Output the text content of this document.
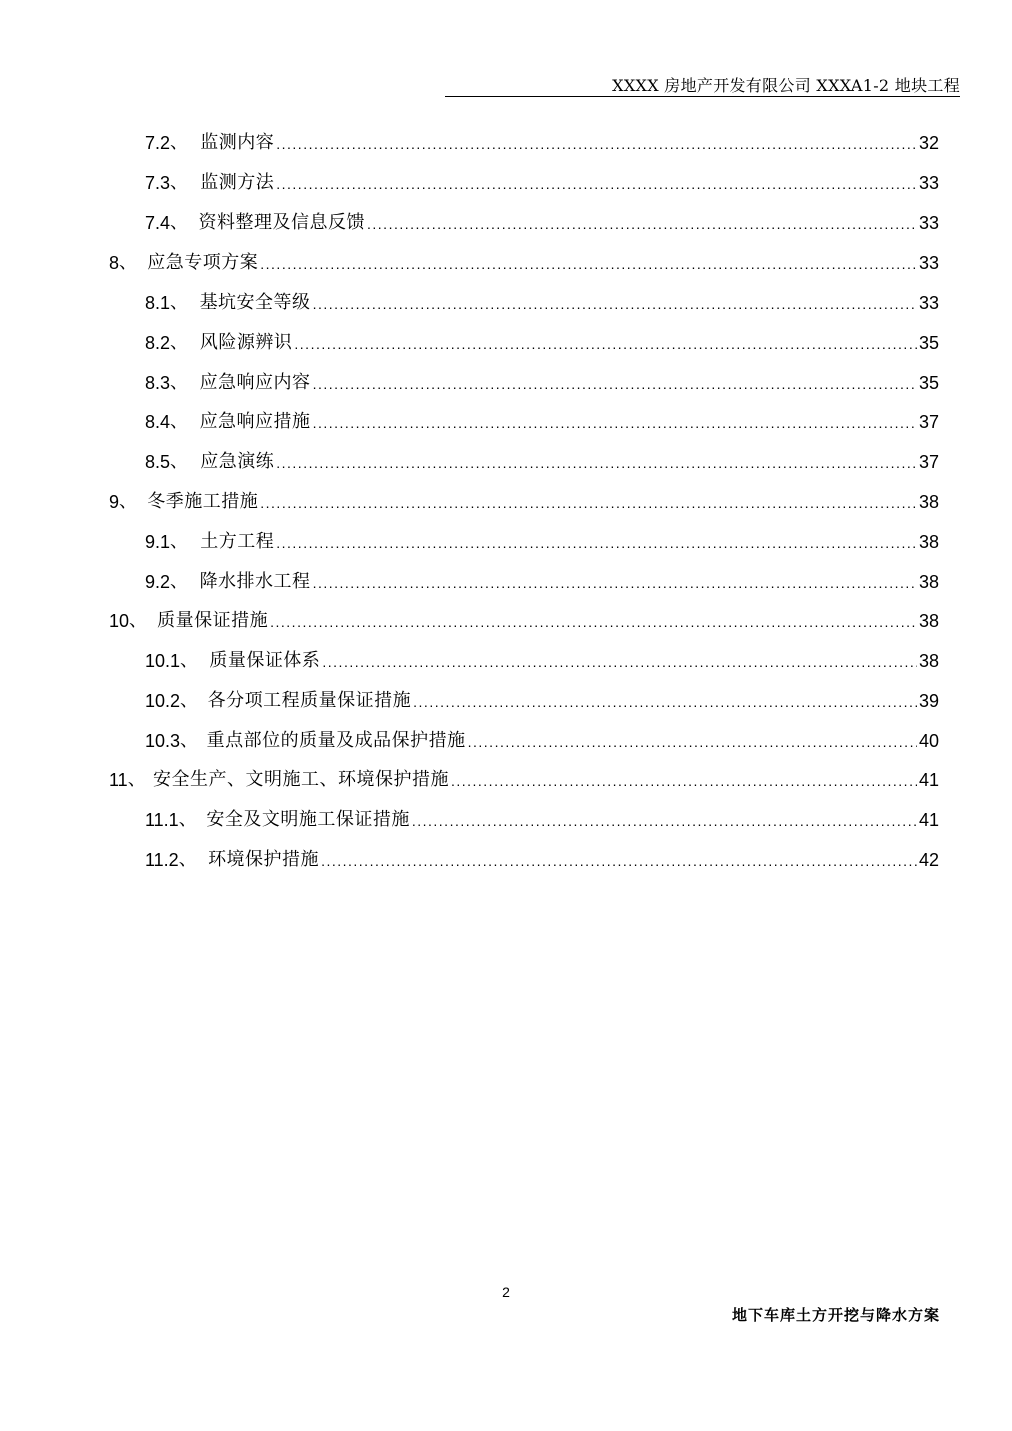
XXXX 房地产开发有限公司 XXXA1-2 地块工程
7.2 、 监测内容 .....	32
7.3 、 监测方法 .....	33
7.4 、 资料整理及信息反馈 .....	33
8 、 应急专项方案 .....	33
8.1 、 基坑安全等级 .....	33
8.2 、 风险源辨识 .....	35
8.3 、 应急响应内容 .....	35
8.4 、 应急响应措施 .....	37
8.5 、 应急演练 .....	37
9 、 冬季施工措施 .....	38
9.1 、 土方工程 .....	38
9.2 、 降水排水工程 .....	38
10 、 质量保证措施 .....	38
10.1 、 质量保证体系 .....	38
10.2 、 各分项工程质量保证措施 .....	39
10.3 、 重点部位的质量及成品保护措施 .....	40
11 、 安全生产、文明施工、环境保护措施 .....	41
11.1 、 安全及文明施工保证措施 .....	41
11.2 、 环境保护措施 .....	42
2
地下车库土方开挖与降水方案
